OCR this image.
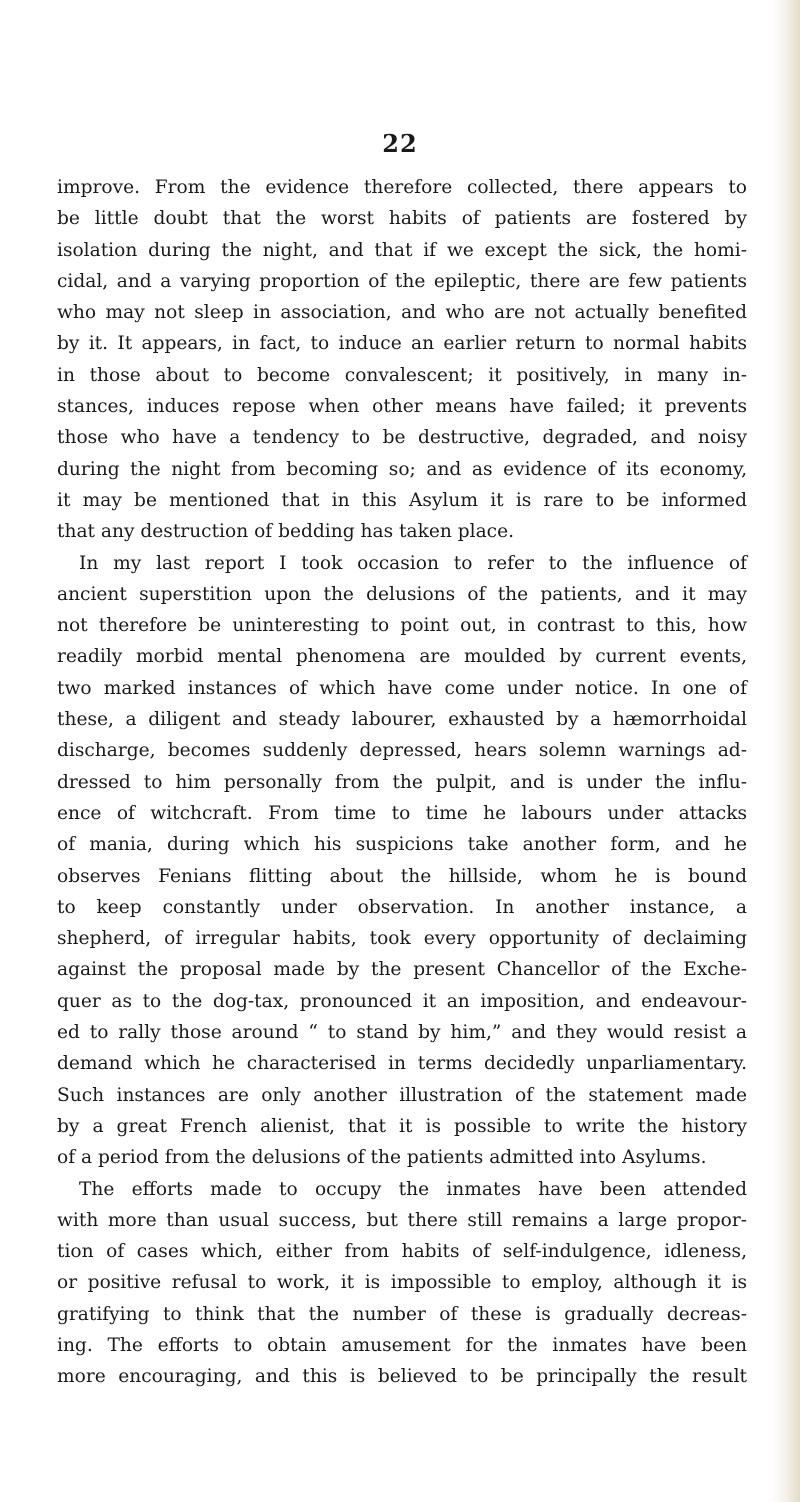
22
improve. From the evidence therefore collected, there appears to
be little doubt that the worst habits of patients are fostered by
isolation during the night, and that if we except the sick, the homi-
cidal, and a varying proportion of the epileptic, there are few patients
who may not sleep in association, and who are not actually benefited
by it. It appears, in fact, to induce an earlier return to normal habits
in those about to become convalescent; it positively, in many in-
stances, induces repose when other means have failed; it prevents
those who have a tendency to be destructive, degraded, and noisy
during the night from becoming so; and as evidence of its economy,
it may be mentioned that in this Asylum it is rare to be informed
that any destruction of bedding has taken place.
In my last report I took occasion to refer to the influence of
ancient superstition upon the delusions of the patients, and it may
not therefore be uninteresting to point out, in contrast to this, how
readily morbid mental phenomena are moulded by current events,
two marked instances of which have come under notice. In one of
these, a diligent and steady labourer, exhausted by a hæmorrhoidal
discharge, becomes suddenly depressed, hears solemn warnings ad-
dressed to him personally from the pulpit, and is under the influ-
ence of witchcraft. From time to time he labours under attacks
of mania, during which his suspicions take another form, and he
observes Fenians flitting about the hillside, whom he is bound
to keep constantly under observation. In another instance, a
shepherd, of irregular habits, took every opportunity of declaiming
against the proposal made by the present Chancellor of the Exche-
quer as to the dog-tax, pronounced it an imposition, and endeavour-
ed to rally those around “ to stand by him,” and they would resist a
demand which he characterised in terms decidedly unparliamentary.
Such instances are only another illustration of the statement made
by a great French alienist, that it is possible to write the history
of a period from the delusions of the patients admitted into Asylums.
The efforts made to occupy the inmates have been attended
with more than usual success, but there still remains a large propor-
tion of cases which, either from habits of self-indulgence, idleness,
or positive refusal to work, it is impossible to employ, although it is
gratifying to think that the number of these is gradually decreas-
ing. The efforts to obtain amusement for the inmates have been
more encouraging, and this is believed to be principally the result
